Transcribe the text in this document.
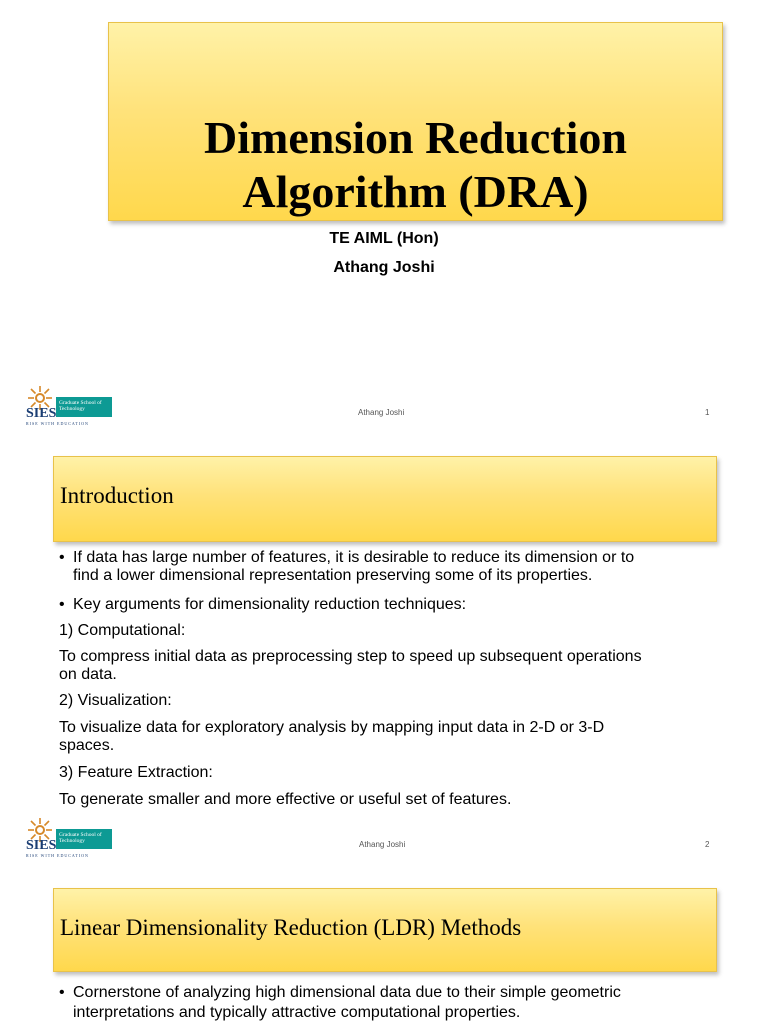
Dimension Reduction
Algorithm (DRA)
TE AIML (Hon)
Athang Joshi
SIES
Graduate School of
Technology
RISE WITH EDUCATION
Athang Joshi	1
Introduction
• If data has large number of features, it is desirable to reduce its dimension or to
find a lower dimensional representation preserving some of its properties.
• Key arguments for dimensionality reduction techniques:
1) Computational:
To compress initial data as preprocessing step to speed up subsequent operations
on data.
2) Visualization:
To visualize data for exploratory analysis by mapping input data in 2-D or 3-D
spaces.
3) Feature Extraction:
To generate smaller and more effective or useful set of features.
SIES
Graduate School of
Technology
RISE WITH EDUCATION
Athang Joshi	2
Linear Dimensionality Reduction (LDR) Methods
• Cornerstone of analyzing high dimensional data due to their simple geometric
interpretations and typically attractive computational properties.
